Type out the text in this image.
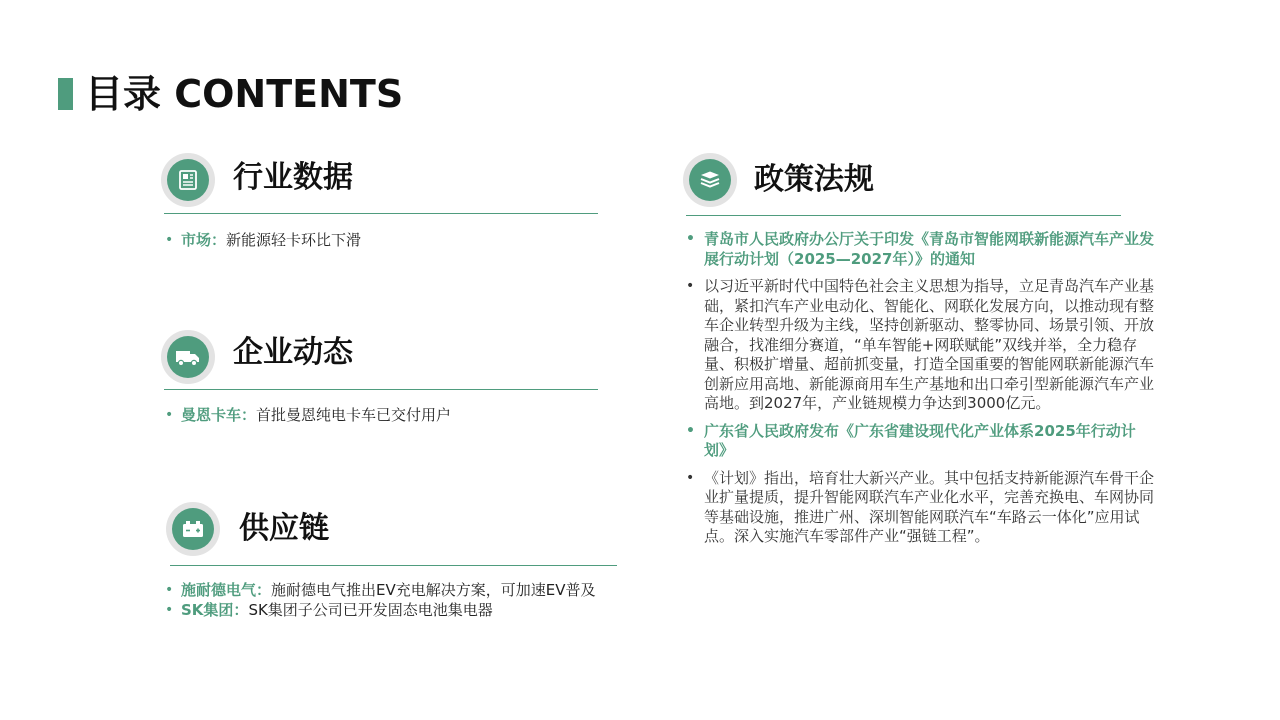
目录 CONTENTS
行业数据
• 市场：新能源轻卡环比下滑
企业动态
• 曼恩卡车：首批曼恩纯电卡车已交付用户
供应链
• 施耐德电气：施耐德电气推出EV充电解决方案，可加速EV普及
• SK集团：SK集团子公司已开发固态电池集电器
政策法规
• 青岛市人民政府办公厅关于印发《青岛市智能网联新能源汽车产业发展行动计划（2025—2027年）》的通知
• 以习近平新时代中国特色社会主义思想为指导，立足青岛汽车产业基础，紧扣汽车产业电动化、智能化、网联化发展方向，以推动现有整车企业转型升级为主线，坚持创新驱动、整零协同、场景引领、开放融合，找准细分赛道，“单车智能+网联赋能”双线并举，全力稳存量、积极扩增量、超前抓变量，打造全国重要的智能网联新能源汽车创新应用高地、新能源商用车生产基地和出口牵引型新能源汽车产业高地。到2027年，产业链规模力争达到3000亿元。
• 广东省人民政府发布《广东省建设现代化产业体系2025年行动计划》
• 《计划》指出，培育壮大新兴产业。其中包括支持新能源汽车骨干企业扩量提质，提升智能网联汽车产业化水平，完善充换电、车网协同等基础设施，推进广州、深圳智能网联汽车“车路云一体化”应用试点。深入实施汽车零部件产业“强链工程”。
